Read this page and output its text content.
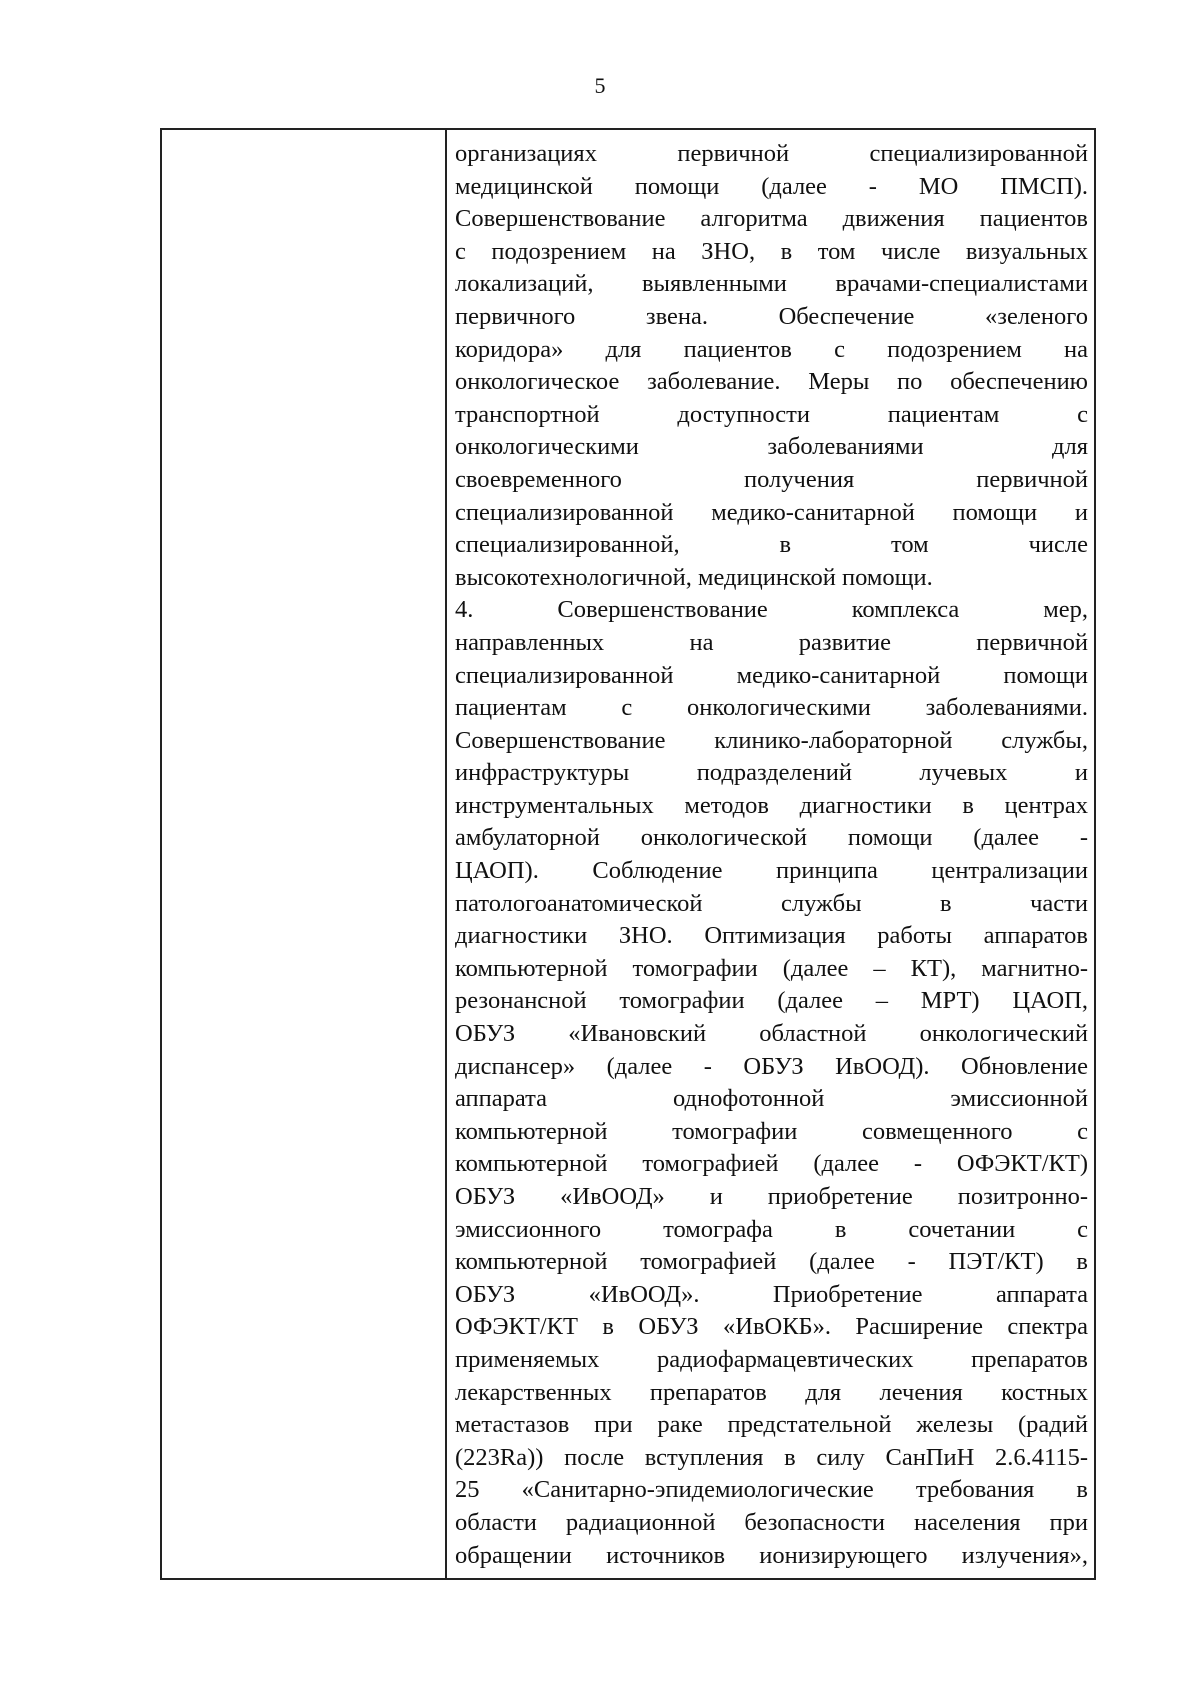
5
организациях первичной специализированной
медицинской помощи (далее - МО ПМСП).
Совершенствование алгоритма движения пациентов
с подозрением на ЗНО, в том числе визуальных
локализаций, выявленными врачами-специалистами
первичного звена. Обеспечение «зеленого
коридора» для пациентов с подозрением на
онкологическое заболевание. Меры по обеспечению
транспортной доступности пациентам с
онкологическими заболеваниями для
своевременного получения первичной
специализированной медико-санитарной помощи и
специализированной, в том числе
высокотехнологичной, медицинской помощи.
4. Совершенствование комплекса мер,
направленных на развитие первичной
специализированной медико-санитарной помощи
пациентам с онкологическими заболеваниями.
Совершенствование клинико-лабораторной службы,
инфраструктуры подразделений лучевых и
инструментальных методов диагностики в центрах
амбулаторной онкологической помощи (далее -
ЦАОП). Соблюдение принципа централизации
патологоанатомической службы в части
диагностики ЗНО. Оптимизация работы аппаратов
компьютерной томографии (далее – КТ), магнитно-
резонансной томографии (далее – МРТ) ЦАОП,
ОБУЗ «Ивановский областной онкологический
диспансер» (далее - ОБУЗ ИвООД). Обновление
аппарата однофотонной эмиссионной
компьютерной томографии совмещенного с
компьютерной томографией (далее - ОФЭКТ/КТ)
ОБУЗ «ИвООД» и приобретение позитронно-
эмиссионного томографа в сочетании с
компьютерной томографией (далее - ПЭТ/КТ) в
ОБУЗ «ИвООД». Приобретение аппарата
ОФЭКТ/КТ в ОБУЗ «ИвОКБ». Расширение спектра
применяемых радиофармацевтических препаратов
лекарственных препаратов для лечения костных
метастазов при раке предстательной железы (радий
(223Ra)) после вступления в силу СанПиН 2.6.4115-
25 «Санитарно-эпидемиологические требования в
области радиационной безопасности населения при
обращении источников ионизирующего излучения»,
